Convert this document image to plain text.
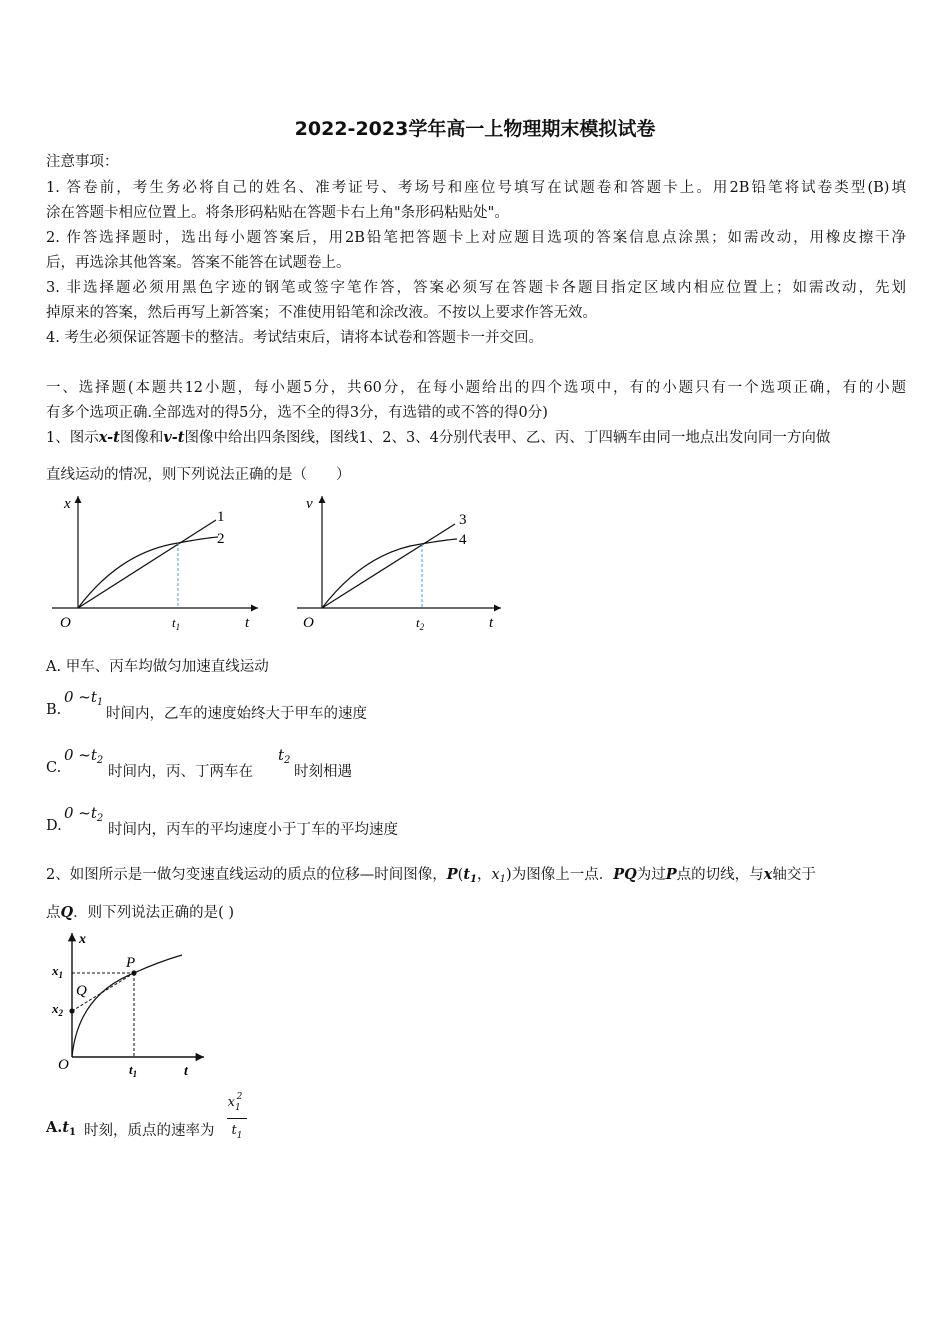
2022-2023学年高一上物理期末模拟试卷
注意事项：
1. 答卷前，考生务必将自己的姓名、准考证号、考场号和座位号填写在试题卷和答题卡上。用2B铅笔将试卷类型(B)填
涂在答题卡相应位置上。将条形码粘贴在答题卡右上角"条形码粘贴处"。
2. 作答选择题时，选出每小题答案后，用2B铅笔把答题卡上对应题目选项的答案信息点涂黑；如需改动，用橡皮擦干净
后，再选涂其他答案。答案不能答在试题卷上。
3. 非选择题必须用黑色字迹的钢笔或签字笔作答，答案必须写在答题卡各题目指定区域内相应位置上；如需改动，先划
掉原来的答案，然后再写上新答案；不准使用铅笔和涂改液。不按以上要求作答无效。
4. 考生必须保证答题卡的整洁。考试结束后，请将本试卷和答题卡一并交回。
一、选择题(本题共12小题，每小题5分，共60分，在每小题给出的四个选项中，有的小题只有一个选项正确，有的小题
有多个选项正确.全部选对的得5分，选不全的得3分，有选错的或不答的得0分)
1、图示x-t图像和v-t图像中给出四条图线，图线1、2、3、4分别代表甲、乙、丙、丁四辆车由同一地点出发向同一方向做
直线运动的情况，则下列说法正确的是（　　）
x
t
O	$t_1$
1
2
v
t
O	$t_2$
3
4
A. 甲车、丙车均做匀加速直线运动
B.
0 $\sim t_1$
时间内，乙车的速度始终大于甲车的速度
C.
0 $\sim t_2$
时间内，丙、丁两车在
$t_2$
时刻相遇
D.
0 $\sim t_2$
时间内，丙车的平均速度小于丁车的平均速度
2、如图所示是一做匀变速直线运动的质点的位移—时间图像，$P(t_1$，$x_1$)为图像上一点．PQ为过P点的切线，与x轴交于
点Q．则下列说法正确的是( )
x
t
O
P
Q
$x_1$
$x_2$
$t_1$
$A.t_1$ 时刻，质点的速率为
$x_1^2$
$t_1$
